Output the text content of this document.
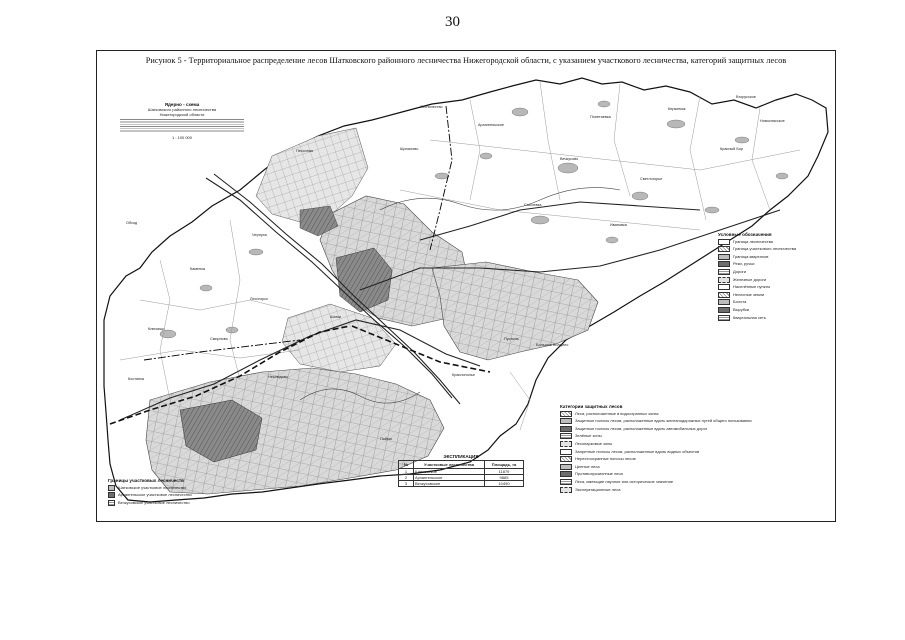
30
Рисунок 5 - Территориальное распределение лесов Шатковского районного лесничества Нижегородской области, с указанием участкового лесничества, категорий защитных лесов
Шатки
Архангельское
Вечкусово
Светлогорье
Красный Бор
Лесогорск
Каменка
Ключищи
Костянка
Смирново	Пустынь
Понетаевка
Кержемок
Новоспасское
Сысоевка
Ивановка
Краснополье
Щипалово
Песочная
Лесничество
Чернуха
Неклюдово
Большое Болдино
Вторусское
Обход
Пойма
Ядерно - схема
Шатковского районного лесничества
Нижегородской области
1 : 100 000
Условные обозначения
Граница лесничества
Граница участкового лесничества
Граница кварталов
Реки, ручьи
Дороги
Железные дороги
Населённые пункты
Нелесные земли
Болота
Вырубки
Квартальная сеть
Категории защитных лесов
Леса, расположенные в водоохранных зонах
Защитные полосы лесов, расположенные вдоль железнодорожных путей общего пользования
Защитные полосы лесов, расположенные вдоль автомобильных дорог
Зелёные зоны
Лесопарковые зоны
Запретные полосы лесов, расположенные вдоль водных объектов
Нерестоохранные полосы лесов
Ценные леса
Противоэрозионные леса
Леса, имеющие научное или историческое значение
Эксплуатационные леса
ЭКСПЛИКАЦИЯ
№	Участковые лесничества	Площадь, га
1	Шатковское	11879
2	Архангельское	9865
3	Вечкусовское	10490
Границы участковых лесничеств
Шатковское участковое лесничество
Архангельское участковое лесничество
Вечкусовское участковое лесничество
